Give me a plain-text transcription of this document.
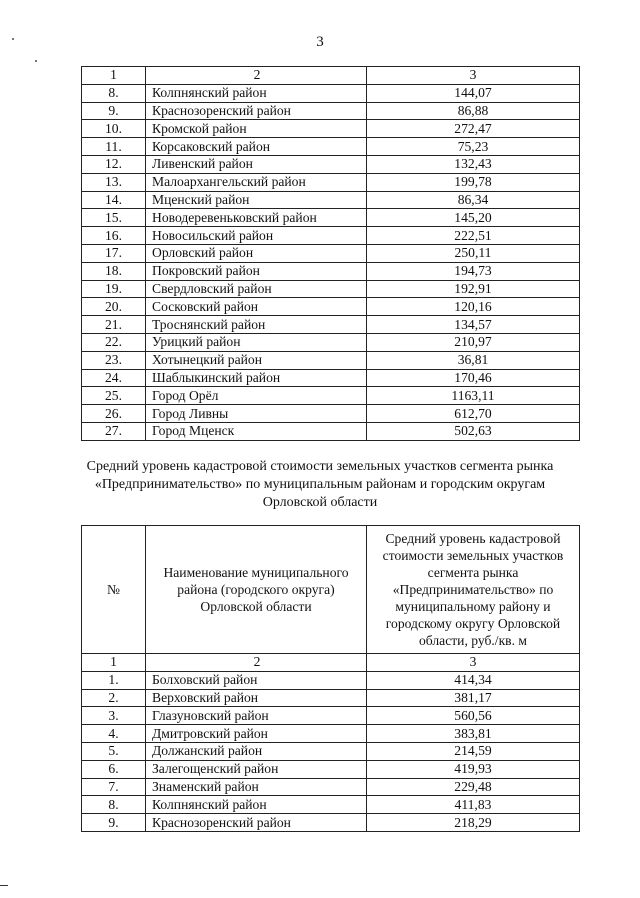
3
1	2	3
8.	Колпнянский район	144,07
9.	Краснозоренский район	86,88
10.	Кромской район	272,47
11.	Корсаковский район	75,23
12.	Ливенский район	132,43
13.	Малоархангельский район	199,78
14.	Мценский район	86,34
15.	Новодеревеньковский район	145,20
16.	Новосильский район	222,51
17.	Орловский район	250,11
18.	Покровский район	194,73
19.	Свердловский район	192,91
20.	Сосковский район	120,16
21.	Троснянский район	134,57
22.	Урицкий район	210,97
23.	Хотынецкий район	36,81
24.	Шаблыкинский район	170,46
25.	Город Орёл	1163,11
26.	Город Ливны	612,70
27.	Город Мценск	502,63
Средний уровень кадастровой стоимости земельных участков сегмента рынка
«Предпринимательство» по муниципальным районам и городским округам
Орловской области
№	Наименование муниципального района (городского округа) Орловской области	Средний уровень кадастровой стоимости земельных участков сегмента рынка «Предпринимательство» по муниципальному району и городскому округу Орловской области, руб./кв. м
1	2	3
1.	Болховский район	414,34
2.	Верховский район	381,17
3.	Глазуновский район	560,56
4.	Дмитровский район	383,81
5.	Должанский район	214,59
6.	Залегощенский район	419,93
7.	Знаменский район	229,48
8.	Колпнянский район	411,83
9.	Краснозоренский район	218,29
